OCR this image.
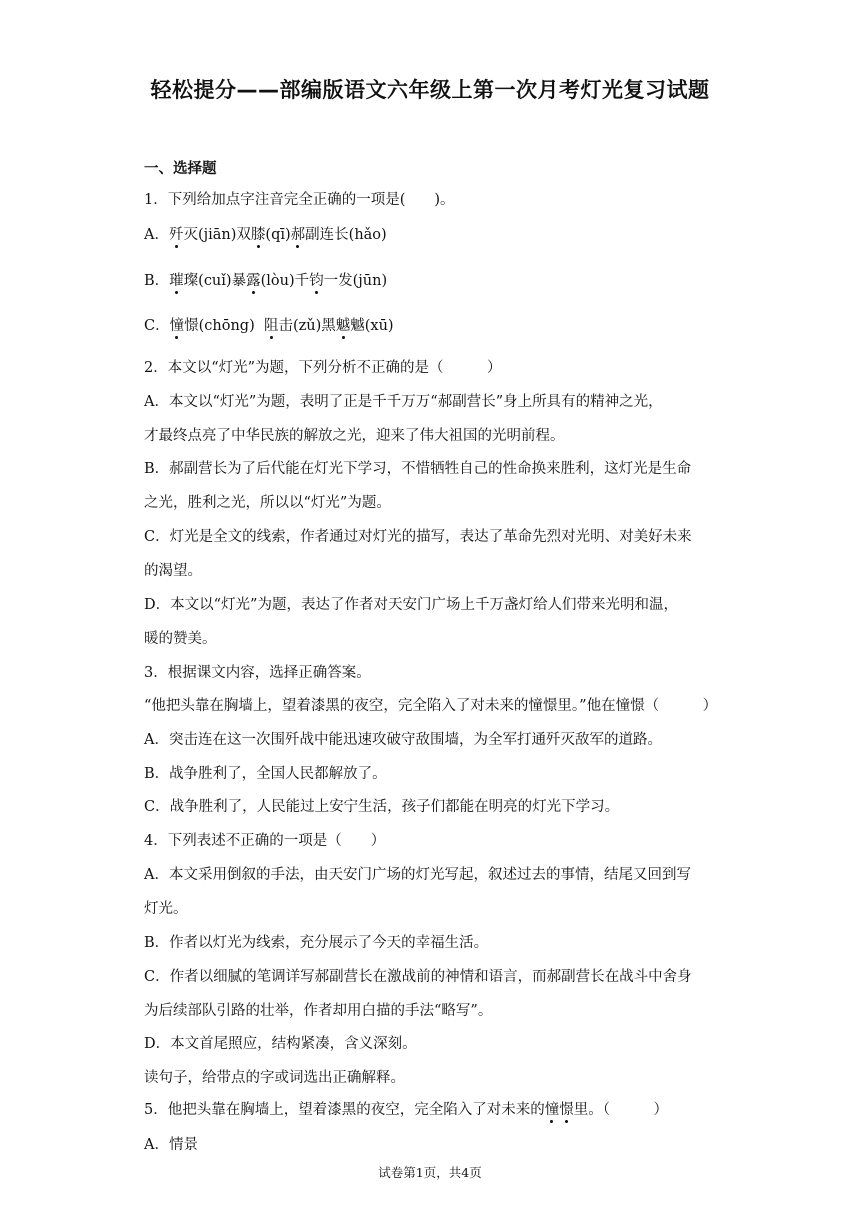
轻松提分——部编版语文六年级上第一次月考灯光复习试题
一、选择题
1．下列给加点字注音完全正确的一项是(　　)。
A．歼灭(jiān)双膝(qī)郝副连长(hǎo)
B．璀璨(cuǐ)暴露(lòu)千钧一发(jūn)
C．憧憬(chōng)  阻击(zǔ)黑魆魆(xū)
2．本文以“灯光”为题，下列分析不正确的是（　　　）
A．本文以“灯光”为题，表明了正是千千万万“郝副营长”身上所具有的精神之光，
才最终点亮了中华民族的解放之光，迎来了伟大祖国的光明前程。
B．郝副营长为了后代能在灯光下学习，不惜牺牲自己的性命换来胜利，这灯光是生命
之光，胜利之光，所以以“灯光”为题。
C．灯光是全文的线索，作者通过对灯光的描写，表达了革命先烈对光明、对美好未来
的渴望。
D．本文以“灯光”为题，表达了作者对天安门广场上千万盏灯给人们带来光明和温，
暖的赞美。
3．根据课文内容，选择正确答案。
“他把头靠在胸墙上，望着漆黑的夜空，完全陷入了对未来的憧憬里。”他在憧憬（　　　）
A．突击连在这一次围歼战中能迅速攻破守敌围墙，为全军打通歼灭敌军的道路。
B．战争胜利了，全国人民都解放了。
C．战争胜利了，人民能过上安宁生活，孩子们都能在明亮的灯光下学习。
4．下列表述不正确的一项是（　　）
A．本文采用倒叙的手法，由天安门广场的灯光写起，叙述过去的事情，结尾又回到写
灯光。
B．作者以灯光为线索，充分展示了今天的幸福生活。
C．作者以细腻的笔调详写郝副营长在激战前的神情和语言，而郝副营长在战斗中舍身
为后续部队引路的壮举，作者却用白描的手法“略写”。
D．本文首尾照应，结构紧凑，含义深刻。
读句子，给带点的字或词选出正确解释。
5．他把头靠在胸墙上，望着漆黑的夜空，完全陷入了对未来的憧憬里。（　　　）
A．情景
试卷第1页，共4页
